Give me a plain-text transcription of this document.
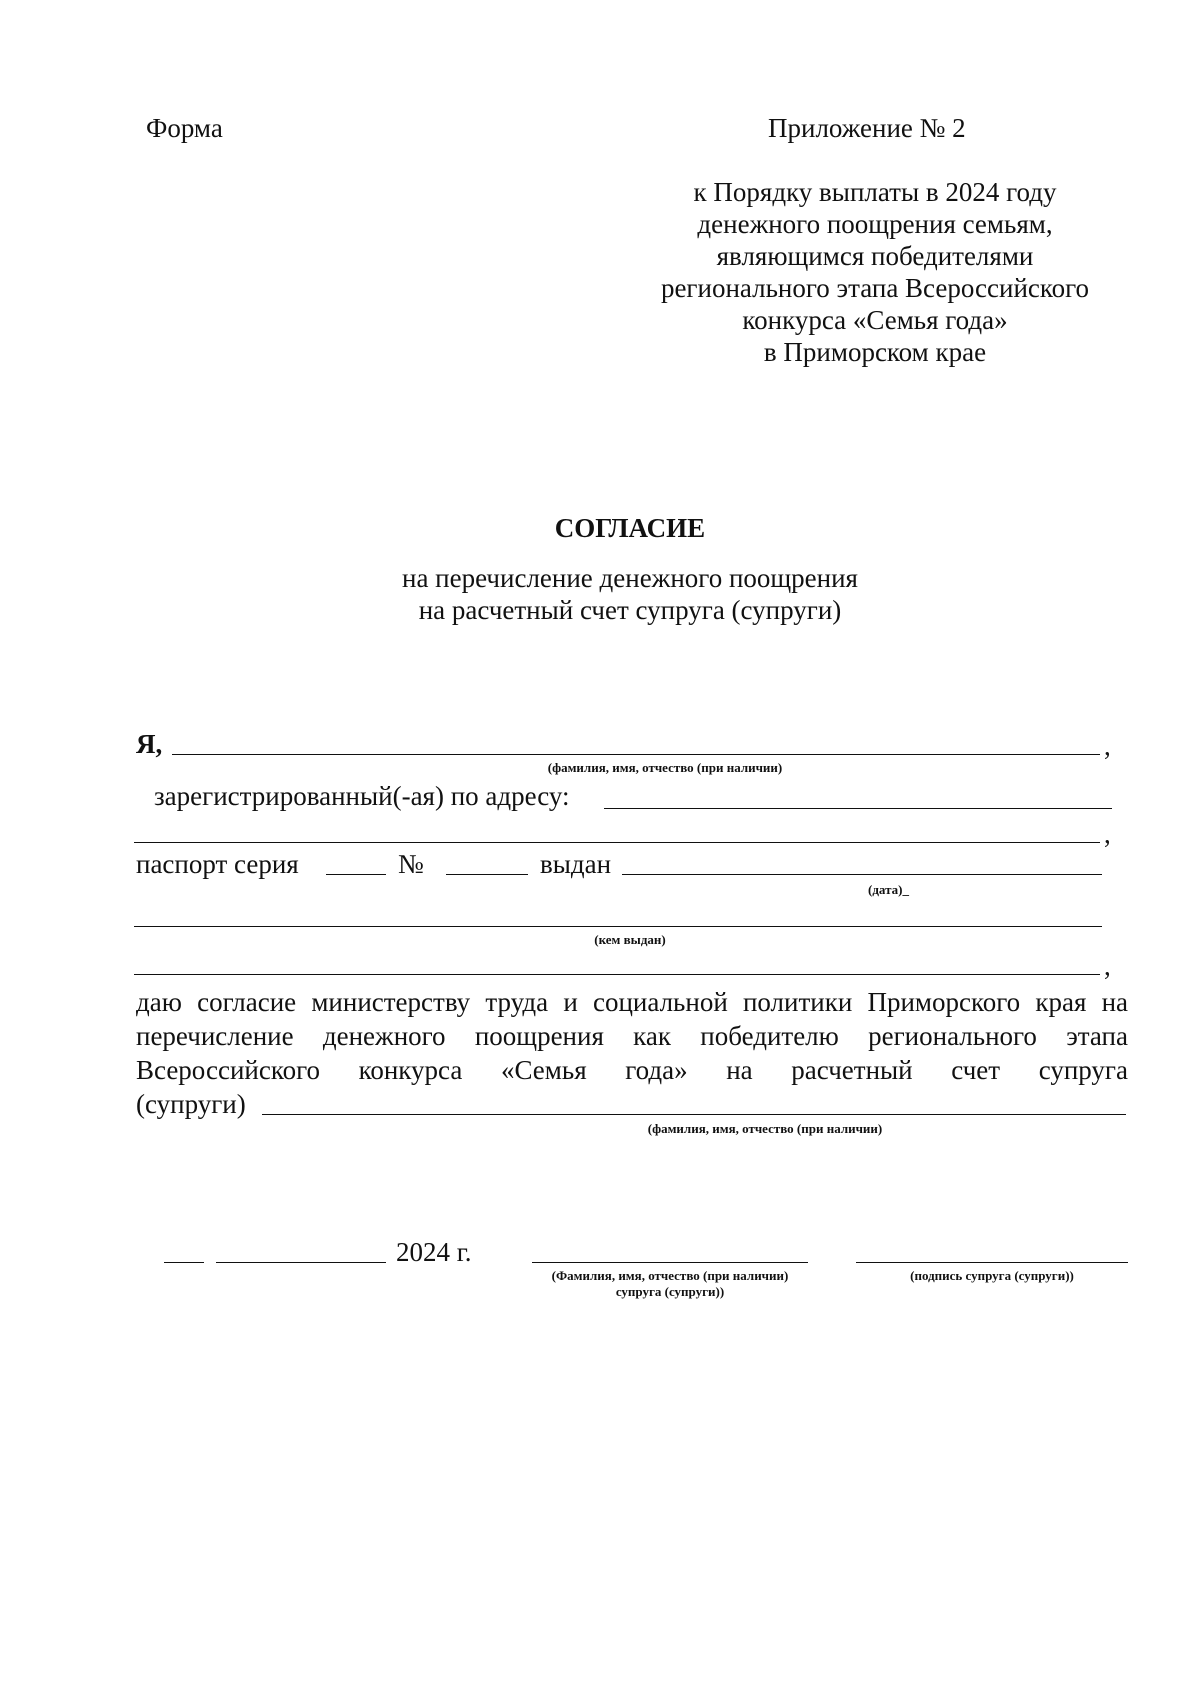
Форма	Приложение № 2
к Порядку выплаты в 2024 году
денежного поощрения семьям,
являющимся победителями
регионального этапа Всероссийского
конкурса «Семья года»
в Приморском крае
СОГЛАСИЕ
на перечисление денежного поощрения
на расчетный счет супруга (супруги)
Я,	,
(фамилия, имя, отчество (при наличии)
зарегистрированный(-ая) по адресу:
,
паспорт серия	№	выдан
(дата)_
(кем выдан)
,
даю согласие министерству труда и социальной политики Приморского края на
перечисление денежного поощрения как победителю регионального этапа
Всероссийского конкурса «Семья года» на расчетный счет супруга
(супруги)
(фамилия, имя, отчество (при наличии)
2024 г.
(Фамилия, имя, отчество (при наличии)
супруга (супруги))
(подпись супруга (супруги))
